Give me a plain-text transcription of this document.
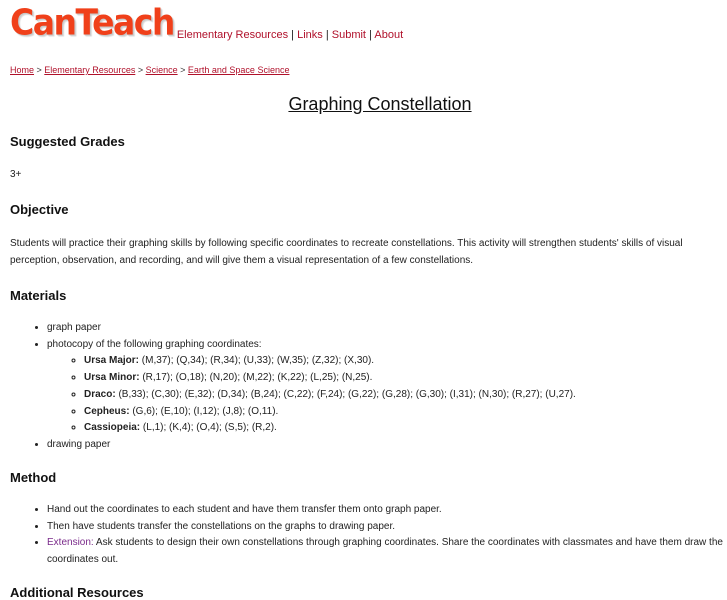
CanTeach Elementary Resources | Links | Submit | About
Home > Elementary Resources > Science > Earth and Space Science
Graphing Constellation
Suggested Grades

3+

Objective

Students will practice their graphing skills by following specific coordinates to recreate constellations. This activity will strengthen students' skills of visual perception, observation, and recording, and will give them a visual representation of a few constellations.

Materials
• graph paper
• photocopy of the following graphing coordinates:
◦ Ursa Major: (M,37); (Q,34); (R,34); (U,33); (W,35); (Z,32); (X,30).
◦ Ursa Minor: (R,17); (O,18); (N,20); (M,22); (K,22); (L,25); (N,25).
◦ Draco: (B,33); (C,30); (E,32); (D,34); (B,24); (C,22); (F,24); (G,22); (G,28); (G,30); (I,31); (N,30); (R,27); (U,27).
◦ Cepheus: (G,6); (E,10); (I,12); (J,8); (O,11).
◦ Cassiopeia: (L,1); (K,4); (O,4); (S,5); (R,2).
• drawing paper
Method
• Hand out the coordinates to each student and have them transfer them onto graph paper.
• Then have students transfer the constellations on the graphs to drawing paper.
• Extension: Ask students to design their own constellations through graphing coordinates. Share the coordinates with classmates and have them draw the coordinates out.
Additional Resources
